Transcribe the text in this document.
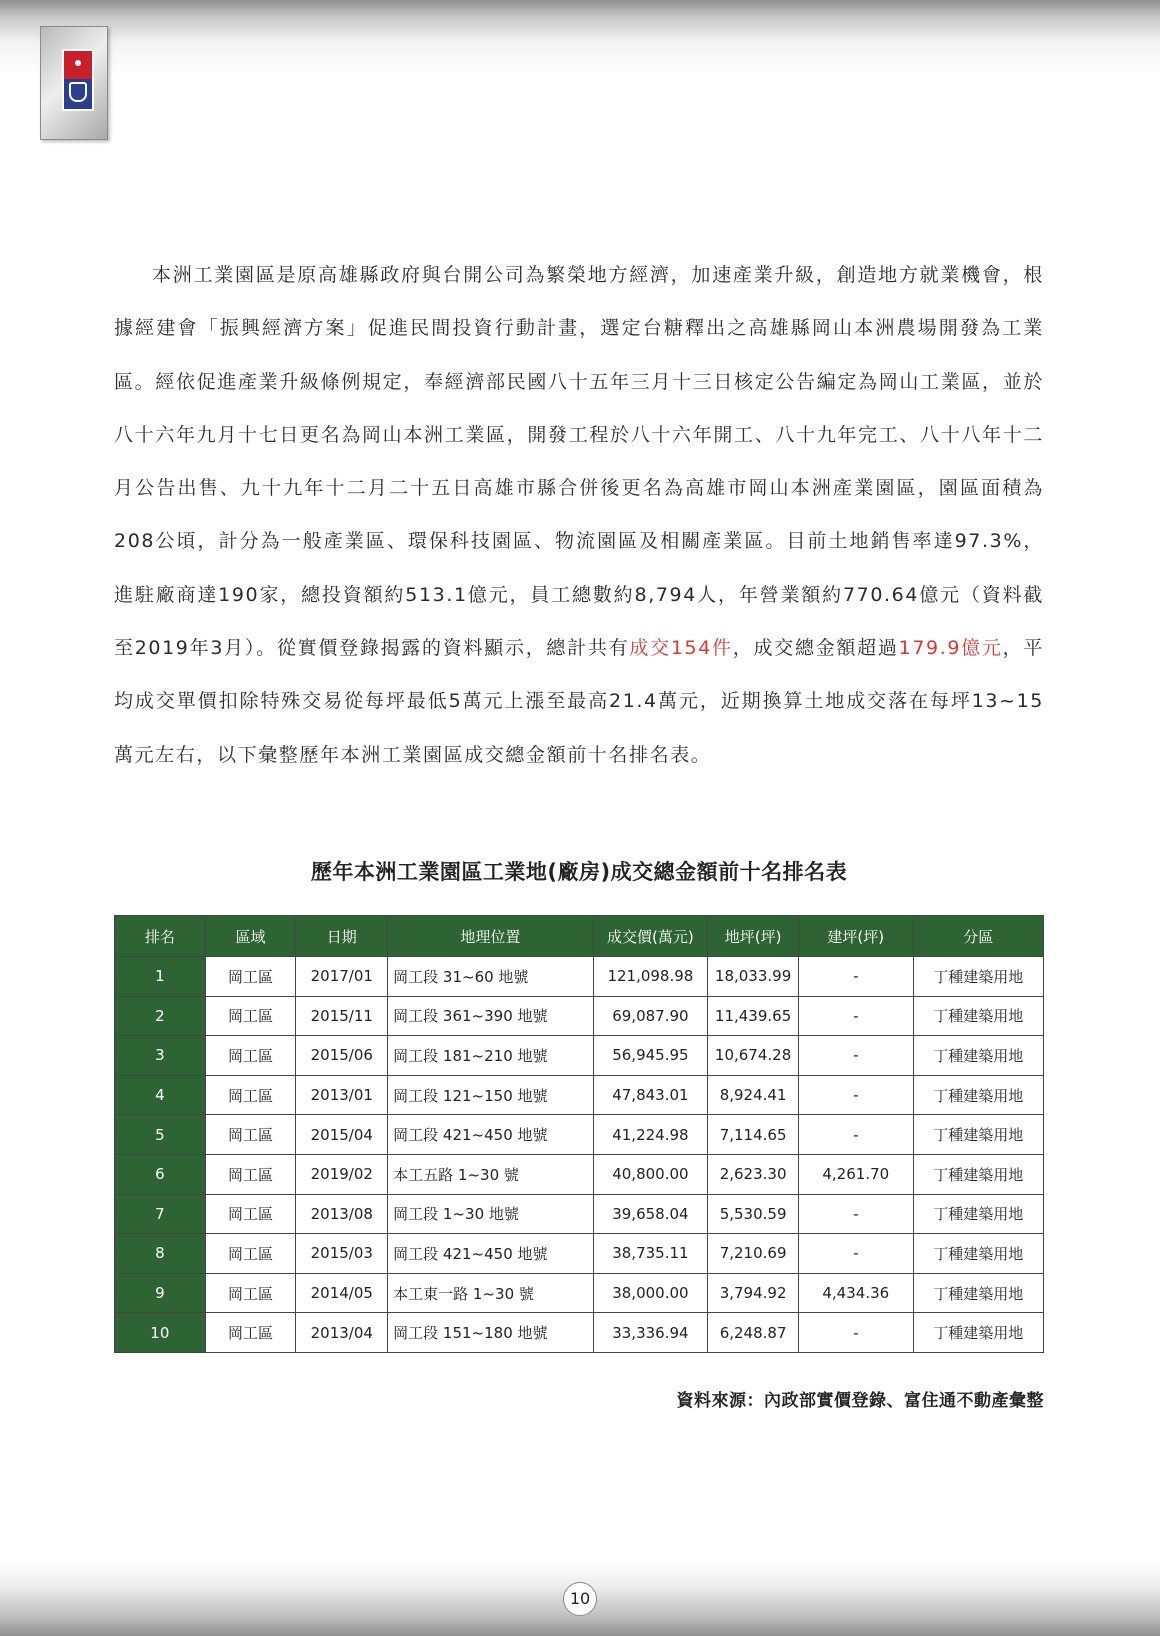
本洲工業園區是原高雄縣政府與台開公司為繁榮地方經濟，加速產業升級，創造地方就業機會，根據經建會「振興經濟方案」促進民間投資行動計畫，選定台糖釋出之高雄縣岡山本洲農場開發為工業區。經依促進產業升級條例規定，奉經濟部民國八十五年三月十三日核定公告編定為岡山工業區，並於八十六年九月十七日更名為岡山本洲工業區，開發工程於八十六年開工、八十九年完工、八十八年十二月公告出售、九十九年十二月二十五日高雄市縣合併後更名為高雄市岡山本洲產業園區，園區面積為208公頃，計分為一般產業區、環保科技園區、物流園區及相關產業區。目前土地銷售率達97.3%，進駐廠商達190家，總投資額約513.1億元，員工總數約8,794人，年營業額約770.64億元（資料截至2019年3月）。從實價登錄揭露的資料顯示，總計共有成交154件，成交總金額超過179.9億元，平均成交單價扣除特殊交易從每坪最低5萬元上漲至最高21.4萬元，近期換算土地成交落在每坪13~15萬元左右，以下彙整歷年本洲工業園區成交總金額前十名排名表。

歷年本洲工業園區工業地(廠房)成交總金額前十名排名表
排名	區域	日期	地理位置	成交價(萬元)	地坪(坪)	建坪(坪)	分區
1	岡工區	2017/01	岡工段 31~60 地號	121,098.98	18,033.99	-	丁種建築用地
2	岡工區	2015/11	岡工段 361~390 地號	69,087.90	11,439.65	-	丁種建築用地
3	岡工區	2015/06	岡工段 181~210 地號	56,945.95	10,674.28	-	丁種建築用地
4	岡工區	2013/01	岡工段 121~150 地號	47,843.01	8,924.41	-	丁種建築用地
5	岡工區	2015/04	岡工段 421~450 地號	41,224.98	7,114.65	-	丁種建築用地
6	岡工區	2019/02	本工五路 1~30 號	40,800.00	2,623.30	4,261.70	丁種建築用地
7	岡工區	2013/08	岡工段 1~30 地號	39,658.04	5,530.59	-	丁種建築用地
8	岡工區	2015/03	岡工段 421~450 地號	38,735.11	7,210.69	-	丁種建築用地
9	岡工區	2014/05	本工東一路 1~30 號	38,000.00	3,794.92	4,434.36	丁種建築用地
10	岡工區	2013/04	岡工段 151~180 地號	33,336.94	6,248.87	-	丁種建築用地
資料來源：內政部實價登錄、富住通不動產彙整
10
